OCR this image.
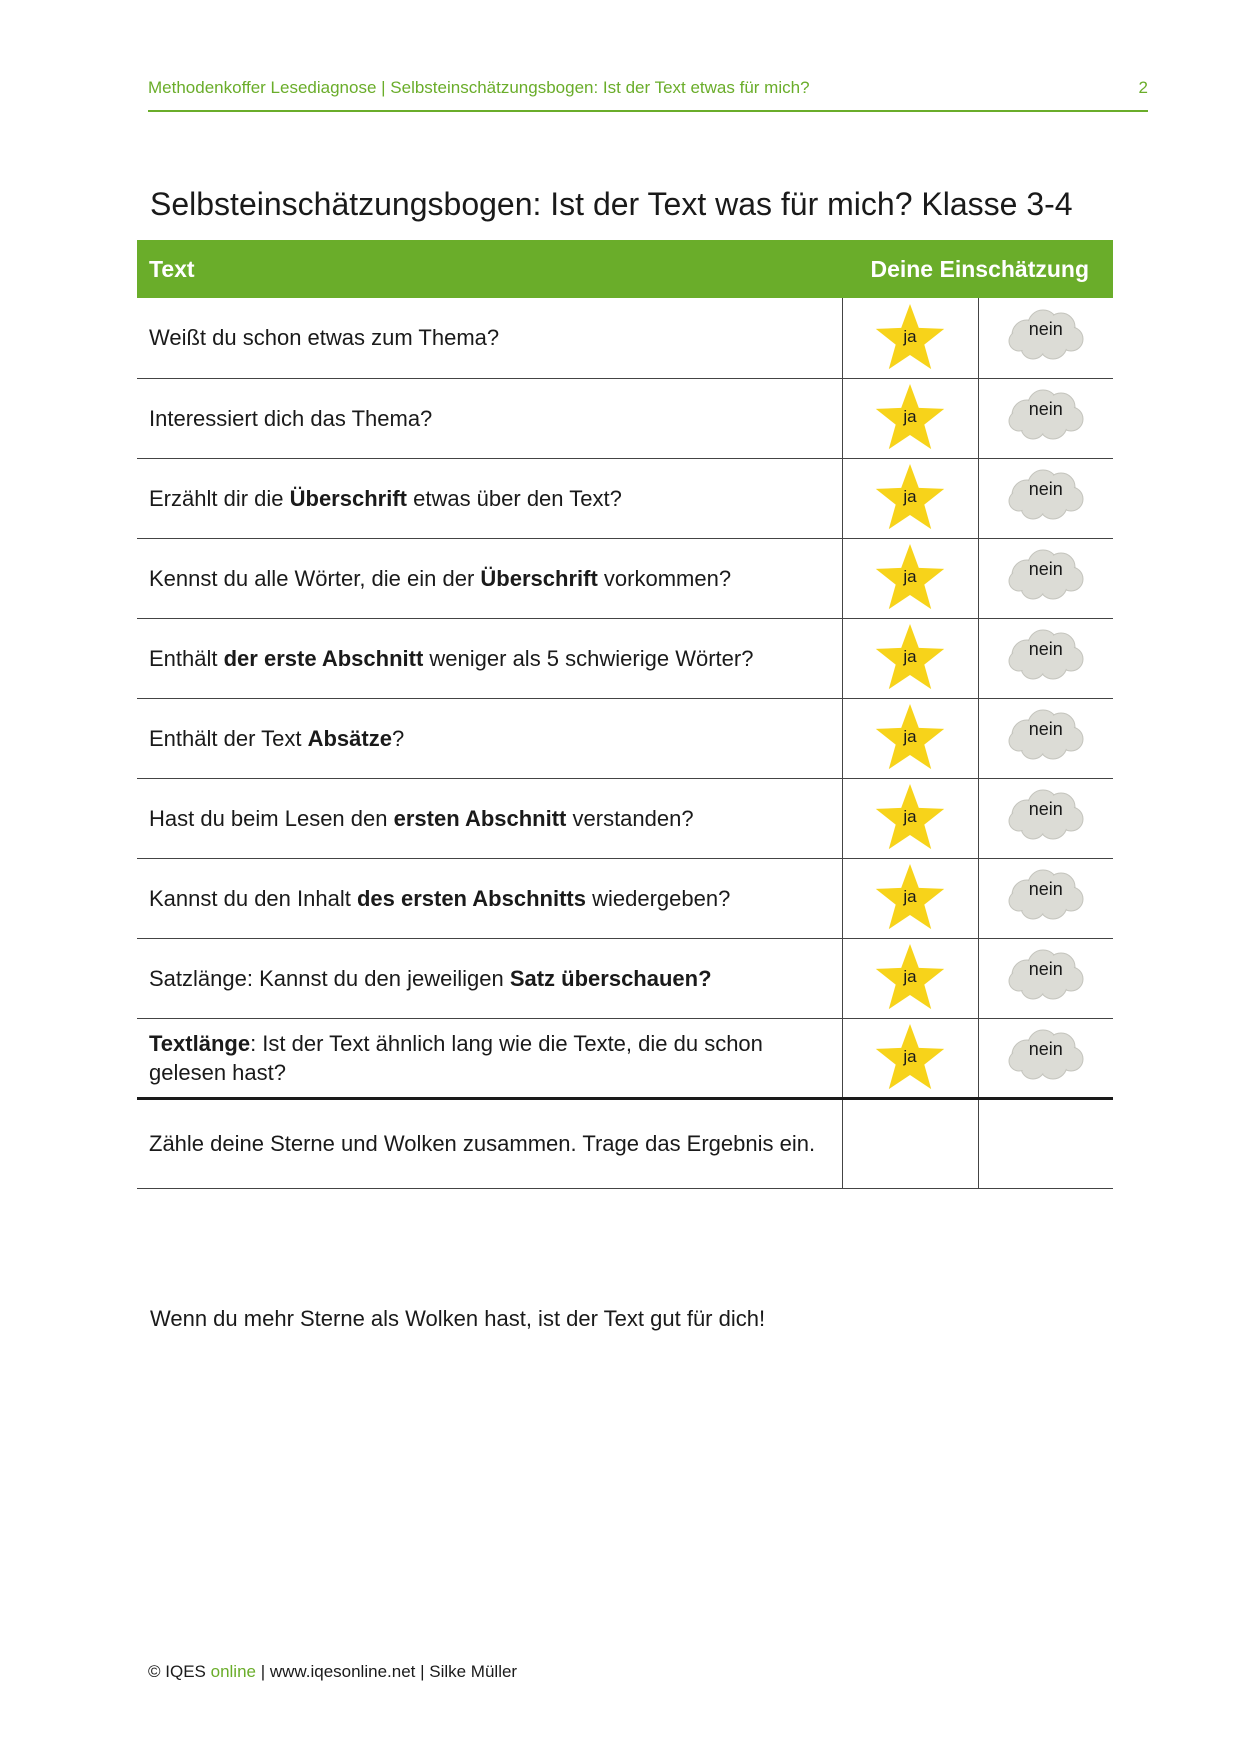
Methodenkoffer Lesediagnose | Selbsteinschätzungsbogen: Ist der Text etwas für mich?	2
Selbsteinschätzungsbogen: Ist der Text was für mich? Klasse 3-4
Text	Deine Einschätzung	
Weißt du schon etwas zum Thema?	ja	nein

Interessiert dich das Thema?	ja	nein

Erzählt dir die Überschrift etwas über den Text?	ja	nein

Kennst du alle Wörter, die ein der Überschrift vorkommen?	ja	nein

Enthält der erste Abschnitt weniger als 5 schwierige Wörter?	ja	nein

Enthält der Text Absätze?	ja	nein

Hast du beim Lesen den ersten Abschnitt verstanden?	ja	nein

Kannst du den Inhalt des ersten Abschnitts wiedergeben?	ja	nein

Satzlänge: Kannst du den jeweiligen Satz überschauen?	ja	nein

Textlänge: Ist der Text ähnlich lang wie die Texte, die du schon gelesen hast?	ja	nein

Zähle deine Sterne und Wolken zusammen. Trage das Ergebnis ein.		
Wenn du mehr Sterne als Wolken hast, ist der Text gut für dich!
© IQES online | www.iqesonline.net | Silke Müller
